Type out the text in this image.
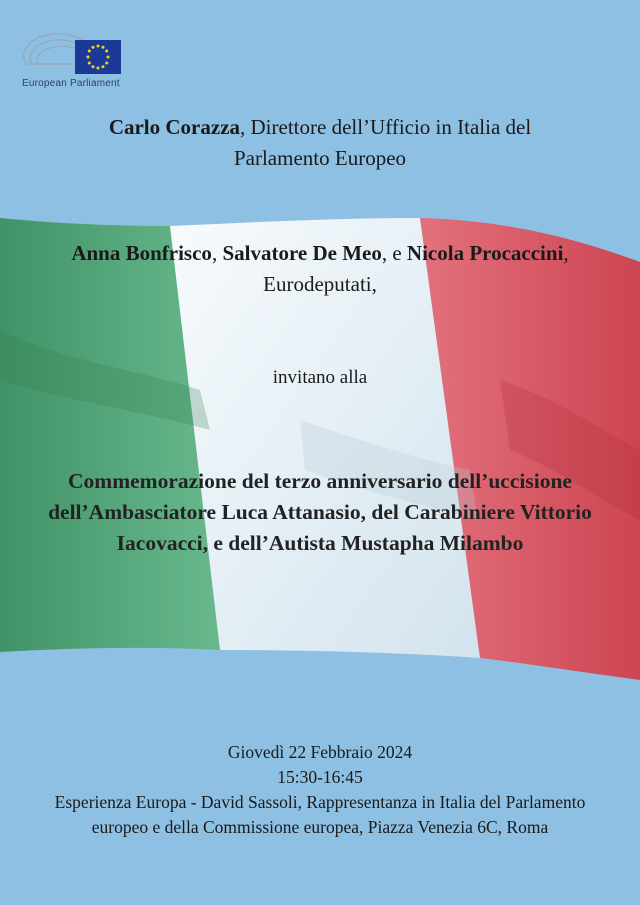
European Parliament
Carlo Corazza, Direttore dell’Ufficio in Italia del
Parlamento Europeo
Anna Bonfrisco, Salvatore De Meo, e Nicola Procaccini,
Eurodeputati,
invitano alla
Commemorazione del terzo anniversario dell’uccisione
dell’Ambasciatore Luca Attanasio, del Carabiniere Vittorio
Iacovacci, e dell’Autista Mustapha Milambo
Giovedì 22 Febbraio 2024
15:30-16:45
Esperienza Europa - David Sassoli, Rappresentanza in Italia del Parlamento
europeo e della Commissione europea, Piazza Venezia 6C, Roma
